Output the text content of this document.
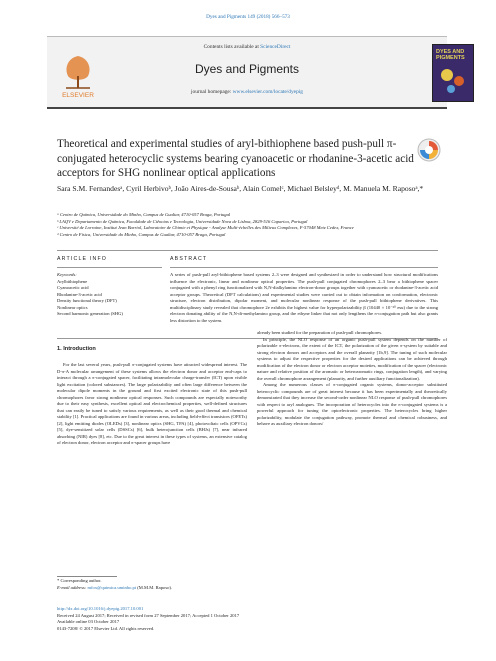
Dyes and Pigments 149 (2018) 566–573
ELSEVIER
Contents lists available at ScienceDirect
Dyes and Pigments
journal homepage: www.elsevier.com/locate/dyepig
DYES AND PIGMENTS
Theoretical and experimental studies of aryl-bithiophene based push-pull π-conjugated heterocyclic systems bearing cyanoacetic or rhodanine-3-acetic acid acceptors for SHG nonlinear optical applications
Sara S.M. Fernandesᵃ, Cyril Herbivoᵇ, João Aires-de-Sousaᵇ, Alain Comelᶜ, Michael Belsleyᵈ, M. Manuela M. Raposoᵃ,*
ᵃ Centro de Química, Universidade do Minho, Campus de Gualtar, 4710-057 Braga, Portugal
ᵇ LAQV e Departamento de Química, Faculdade de Ciências e Tecnologia, Universidade Nova de Lisboa, 2829-516 Caparica, Portugal
ᶜ Université de Lorraine, Institut Jean Barriol, Laboratoire de Chimie et Physique - Analyse Multi-échelles des Milieux Complexes, F-57048 Metz Cedex, France
ᵈ Centro de Física, Universidade do Minho, Campus de Gualtar, 4710-057 Braga, Portugal
ARTICLE INFO	ABSTRACT
Keywords:
Arylbithiophene
Cyanoacetic acid
Rhodanine-3-acetic acid
Density functional theory (DFT)
Nonlinear optics
Second harmonic generation (SHG)
A series of push-pull aryl-bithiophene based systems 2–3 were designed and synthesized in order to understand how structural modifications influence the electronic, linear and nonlinear optical properties. The push-pull conjugated chromophores 2–3 bear a bithiophene spacer conjugated with a phenyl ring functionalized with N,N-dialkylamino electron-donor groups together with cyanoacetic or rhodanine-3-acetic acid acceptor groups. Theoretical (DFT calculations) and experimental studies were carried out to obtain information on conformation, electronic structure, electron distribution, dipolar moment, and molecular nonlinear response of the push-pull bithiophene derivatives. This multidisciplinary study revealed that chromophore 2e exhibits the highest value for hyperpolarizability β (10440 × 10⁻³⁰ esu) due to the strong electron donating ability of the N,N-di-methylamino group, and the ethyne linker that not only lengthens the π-conjugation path but also grants less distortion to the system.
1. Introduction
For the last several years, push-pull π-conjugated systems have attracted widespread interest. The D-π-A molecular arrangement of these systems allows the electron donor and acceptor end-caps to interact through a π-conjugated spacer, facilitating intramolecular charge-transfer (ICT) upon visible light excitation (colored substances). The large polarizability and often large difference between the molecular dipole moments in the ground and first excited electronic state of this push-pull chromophores favor strong nonlinear optical responses. Such compounds are especially noteworthy due to their easy synthesis, excellent optical and electrochemical properties, well-defined structures that can easily be tuned to satisfy various requirements, as well as their good thermal and chemical stability [1]. Practical applications are found in various areas, including field-effect transistors (OFETs) [2], light emitting diodes (OLEDs) [3], nonlinear optics (SHG, TPA) [4], photovoltaic cells (OPVCs) [5], dye-sensitized solar cells (DSSCs) [6], bulk heterojunction cells (BHJs) [7], near infrared absorbing (NIR) dyes [8], etc. Due to the great interest in these types of systems, an extensive catalog of electron donor, electron acceptor and π-spacer groups have
already been studied for the preparation of push-pull chromophores.
In principle, the NLO response of an organic push-pull system depends on the number of polarizable π-electrons, the extent of the ICT, the polarization of the given π-system by suitable and strong electron donors and acceptors and the overall planarity [1b,9]. The tuning of such molecular systems to adjust the respective properties for the desired applications can be achieved through modification of the electron donor or electron acceptor moieties, modification of the spacer (electronic nature and relative position of the aromatic or heteroaromatic rings, conjugation length), and varying the overall chromophore arrangement (planarity, and further auxiliary functionalization).
Among the numerous classes of π-conjugated organic systems, donor-acceptor substituted heterocyclic compounds are of great interest because it has been experimentally and theoretically demonstrated that they increase the second-order nonlinear NLO response of push-pull chromophores with respect to aryl analogues. The incorporation of heterocycles into the π-conjugated systems is a powerful approach for tuning the optoelectronic properties. The heterocycles bring higher polarizability, modulate the conjugation pathway, promote thermal and chemical robustness, and behave as auxiliary electron donors/
* Corresponding author.
E-mail address: mfox@quimica.uminho.pt (M.M.M. Raposo).
http://dx.doi.org/10.1016/j.dyepig.2017.10.001
Received 24 August 2017; Received in revised form 27 September 2017; Accepted 1 October 2017
Available online 03 October 2017
0143-7208/ © 2017 Elsevier Ltd. All rights reserved.
